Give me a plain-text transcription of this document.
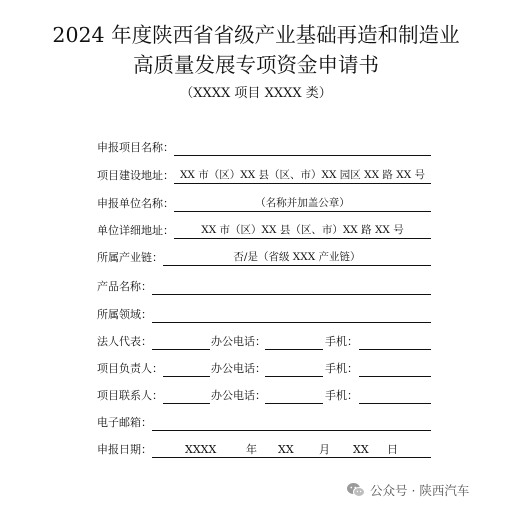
2024 年度陕西省省级产业基础再造和制造业
高质量发展专项资金申请书
（XXXX 项目 XXXX 类）
申报项目名称：
项目建设地址： XX 市（区）XX 县（区、市）XX 园区 XX 路 XX 号
申报单位名称：	（名称并加盖公章）
单位详细地址：	XX 市（区）XX 县（区、市）XX 路 XX 号
所属产业链：	否/是（省级 XXX 产业链）
产品名称：
所属领域：
法人代表：	办公电话：	手机：
项目负责人：	办公电话：	手机：
项目联系人：	办公电话：	手机：
电子邮箱：
申报日期：	XXXX	年 XX 月 XX 日
公众号 · 陕西汽车
